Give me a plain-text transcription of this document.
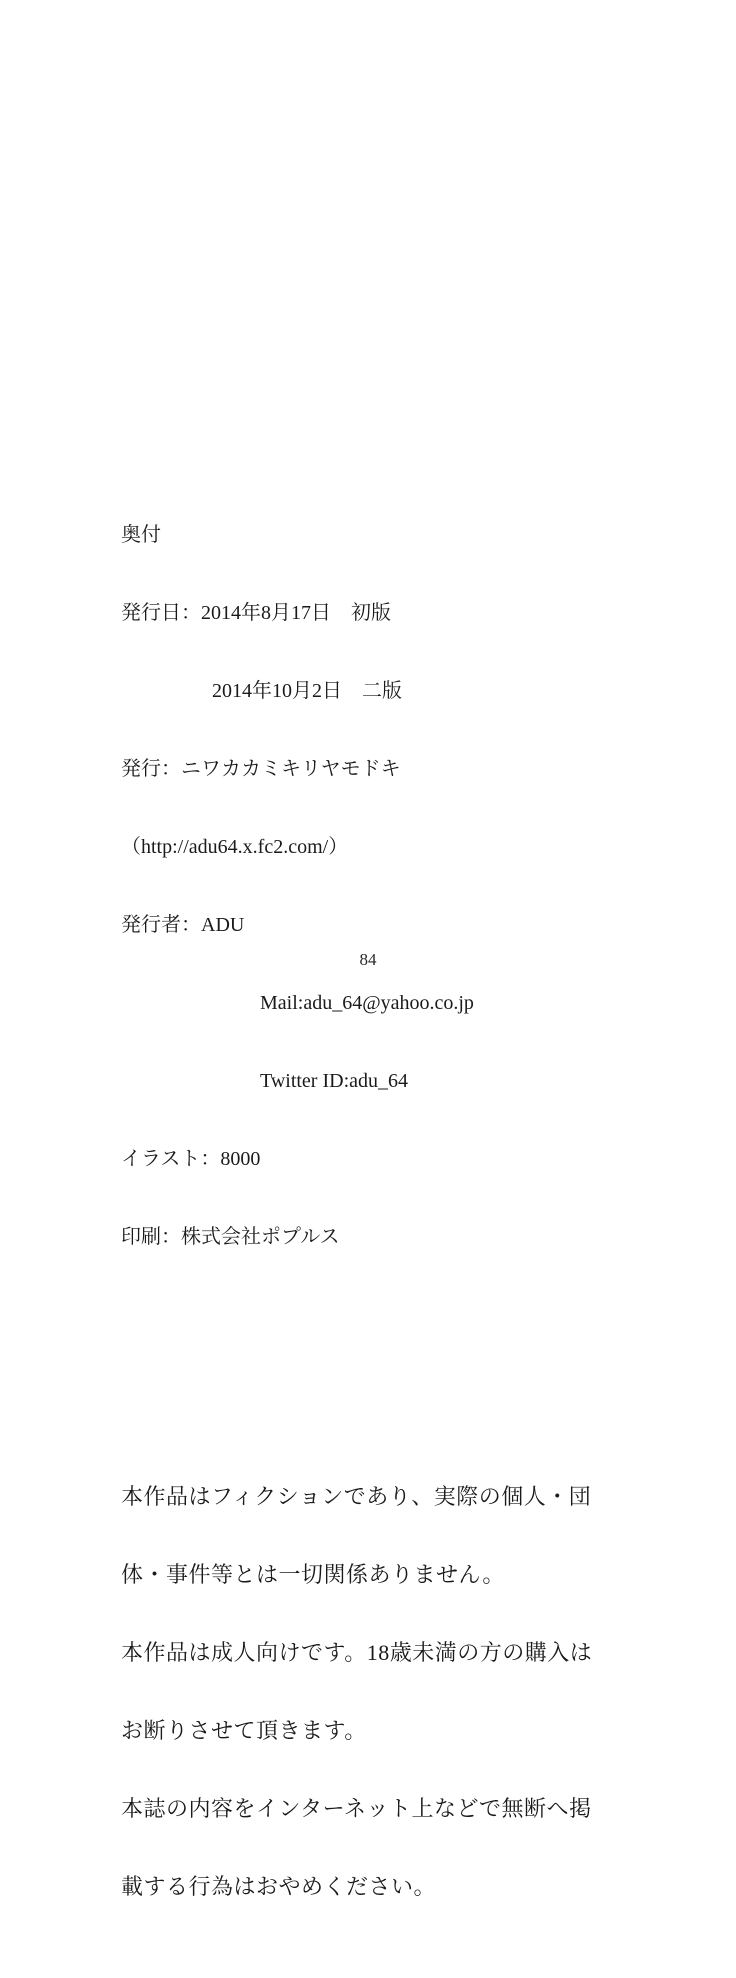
奥付

発行日：2014年8月17日　初版

2014年10月2日　二版

発行：ニワカカミキリヤモドキ

（http://adu64.x.fc2.com/）

発行者：ADU

Mail:adu_64@yahoo.co.jp

Twitter ID:adu_64

イラスト：8000

印刷：株式会社ポプルス

本作品はフィクションであり、実際の個人・団

体・事件等とは一切関係ありません。

本作品は成人向けです。18歳未満の方の購入は

お断りさせて頂きます。

本誌の内容をインターネット上などで無断へ掲

載する行為はおやめください。

84
